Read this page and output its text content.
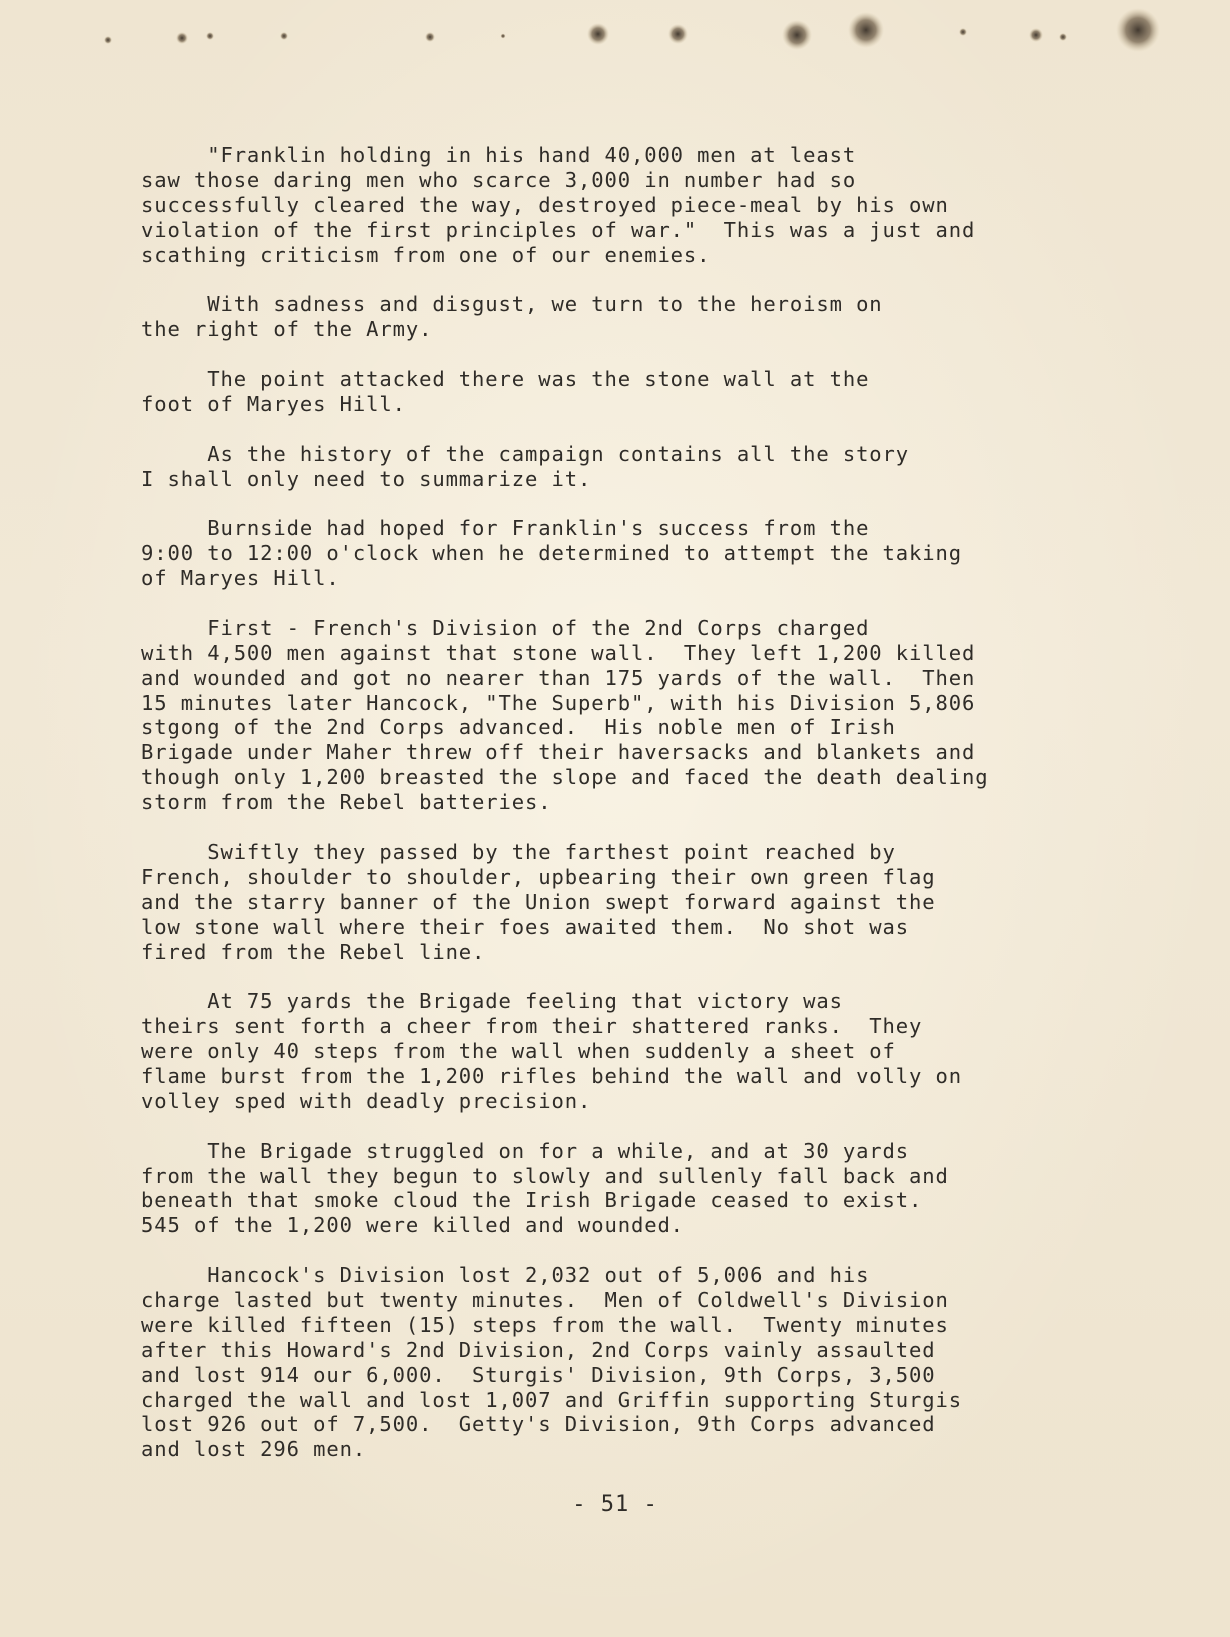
"Franklin holding in his hand 40,000 men at least
saw those daring men who scarce 3,000 in number had so
successfully cleared the way, destroyed piece-meal by his own
violation of the first principles of war."  This was a just and
scathing criticism from one of our enemies.
With sadness and disgust, we turn to the heroism on
the right of the Army.
The point attacked there was the stone wall at the
foot of Maryes Hill.
As the history of the campaign contains all the story
I shall only need to summarize it.
Burnside had hoped for Franklin's success from the
9:00 to 12:00 o'clock when he determined to attempt the taking
of Maryes Hill.
First - French's Division of the 2nd Corps charged
with 4,500 men against that stone wall.  They left 1,200 killed
and wounded and got no nearer than 175 yards of the wall.  Then
15 minutes later Hancock, "The Superb", with his Division 5,806
stgong of the 2nd Corps advanced.  His noble men of Irish
Brigade under Maher threw off their haversacks and blankets and
though only 1,200 breasted the slope and faced the death dealing
storm from the Rebel batteries.
Swiftly they passed by the farthest point reached by
French, shoulder to shoulder, upbearing their own green flag
and the starry banner of the Union swept forward against the
low stone wall where their foes awaited them.  No shot was
fired from the Rebel line.
At 75 yards the Brigade feeling that victory was
theirs sent forth a cheer from their shattered ranks.  They
were only 40 steps from the wall when suddenly a sheet of
flame burst from the 1,200 rifles behind the wall and volly on
volley sped with deadly precision.
The Brigade struggled on for a while, and at 30 yards
from the wall they begun to slowly and sullenly fall back and
beneath that smoke cloud the Irish Brigade ceased to exist.
545 of the 1,200 were killed and wounded.
Hancock's Division lost 2,032 out of 5,006 and his
charge lasted but twenty minutes.  Men of Coldwell's Division
were killed fifteen (15) steps from the wall.  Twenty minutes
after this Howard's 2nd Division, 2nd Corps vainly assaulted
and lost 914 our 6,000.  Sturgis' Division, 9th Corps, 3,500
charged the wall and lost 1,007 and Griffin supporting Sturgis
lost 926 out of 7,500.  Getty's Division, 9th Corps advanced
and lost 296 men.
- 51 -
